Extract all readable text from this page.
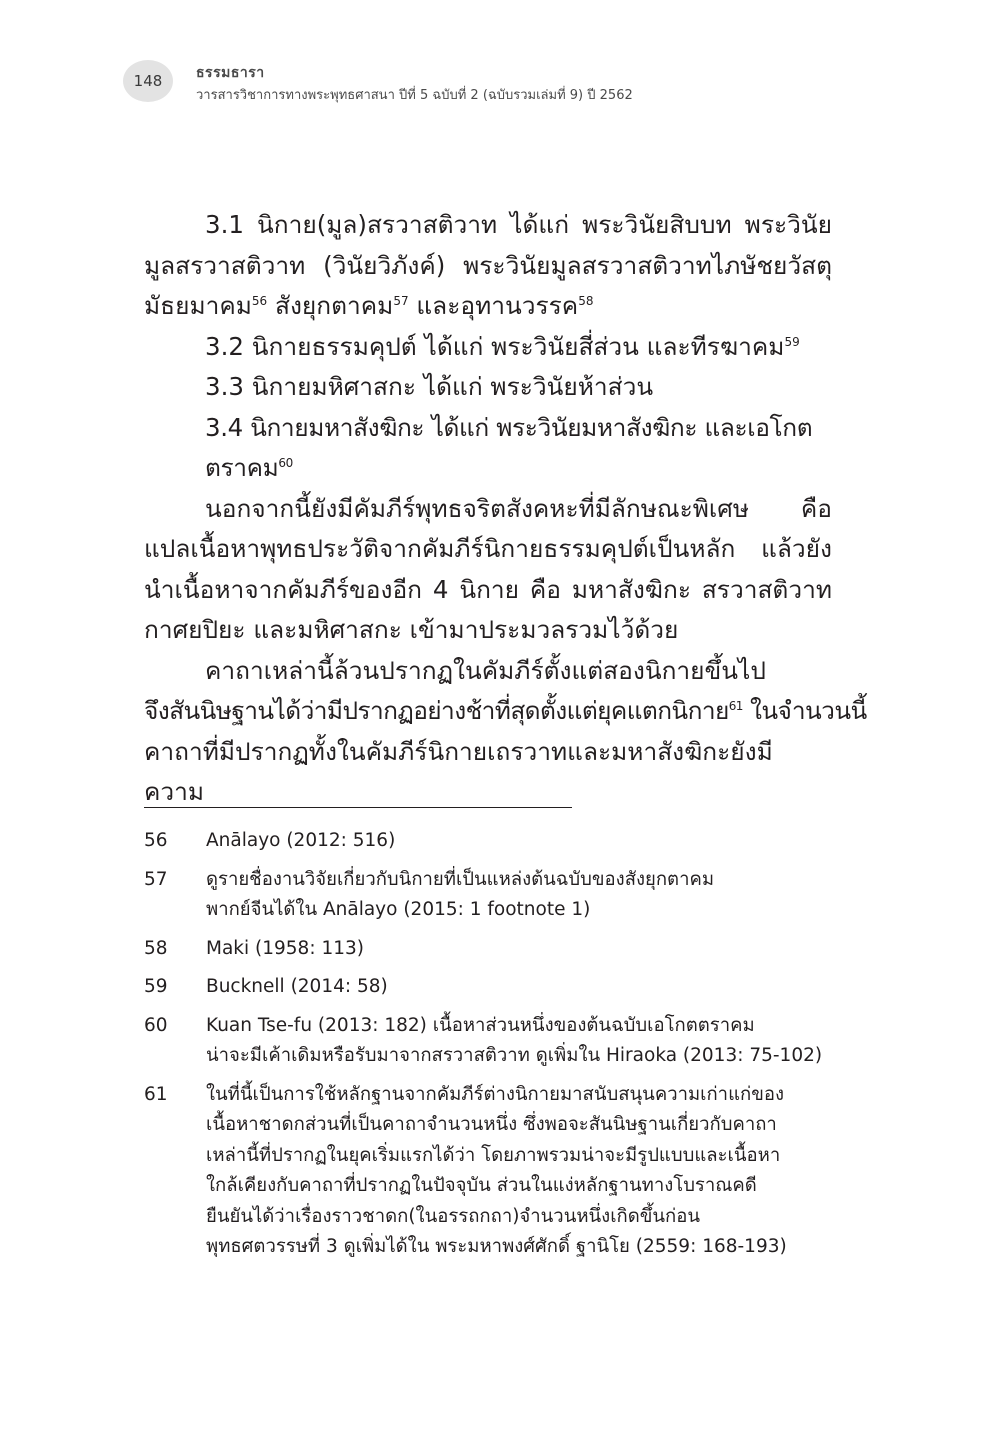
148 ธรรมธารา
วารสารวิชาการทางพระพุทธศาสนา ปีที่ 5 ฉบับที่ 2 (ฉบับรวมเล่มที่ 9) ปี 2562

3.1 นิกาย(มูล)สรวาสติวาท ได้แก่ พระวินัยสิบบท พระวินัย

มูลสรวาสติวาท (วินัยวิภังค์) พระวินัยมูลสรวาสติวาทไภษัชยวัสตุ

มัธยมาคม$^{56}$ สังยุกตาคม$^{57}$ และอุทานวรรค$^{58}$

3.2 นิกายธรรมคุปต์ ได้แก่ พระวินัยสี่ส่วน และทีรฆาคม$^{59}$

3.3 นิกายมหิศาสกะ ได้แก่ พระวินัยห้าส่วน

3.4 นิกายมหาสังฆิกะ ได้แก่ พระวินัยมหาสังฆิกะ และเอโกตตราคม$^{60}$

นอกจากนี้ยังมีคัมภีร์พุทธจริตสังคหะที่มีลักษณะพิเศษ คือ

แปลเนื้อหาพุทธประวัติจากคัมภีร์นิกายธรรมคุปต์เป็นหลัก แล้วยัง

นำเนื้อหาจากคัมภีร์ของอีก 4 นิกาย คือ มหาสังฆิกะ สรวาสติวาท

กาศยปิยะ และมหิศาสกะ เข้ามาประมวลรวมไว้ด้วย

คาถาเหล่านี้ล้วนปรากฏในคัมภีร์ตั้งแต่สองนิกายขึ้นไป

จึงสันนิษฐานได้ว่ามีปรากฏอย่างช้าที่สุดตั้งแต่ยุคแตกนิกาย$^{61}$ ในจำนวนนี้

คาถาที่มีปรากฏทั้งในคัมภีร์นิกายเถรวาทและมหาสังฆิกะยังมีความ

56	Anālayo (2012: 516)
57	ดูรายชื่องานวิจัยเกี่ยวกับนิกายที่เป็นแหล่งต้นฉบับของสังยุกตาคม
พากย์จีนได้ใน Anālayo (2015: 1 footnote 1)
58	Maki (1958: 113)
59	Bucknell (2014: 58)
60	Kuan Tse-fu (2013: 182) เนื้อหาส่วนหนึ่งของต้นฉบับเอโกตตราคม
น่าจะมีเค้าเดิมหรือรับมาจากสรวาสติวาท ดูเพิ่มใน Hiraoka (2013: 75-102)
61	ในที่นี้เป็นการใช้หลักฐานจากคัมภีร์ต่างนิกายมาสนับสนุนความเก่าแก่ของ
เนื้อหาชาดกส่วนที่เป็นคาถาจำนวนหนึ่ง ซึ่งพอจะสันนิษฐานเกี่ยวกับคาถา
เหล่านี้ที่ปรากฏในยุคเริ่มแรกได้ว่า โดยภาพรวมน่าจะมีรูปแบบและเนื้อหา
ใกล้เคียงกับคาถาที่ปรากฏในปัจจุบัน ส่วนในแง่หลักฐานทางโบราณคดี
ยืนยันได้ว่าเรื่องราวชาดก(ในอรรถกถา)จำนวนหนึ่งเกิดขึ้นก่อน
พุทธศตวรรษที่ 3 ดูเพิ่มได้ใน พระมหาพงศ์ศักดิ์ ฐานิโย (2559: 168-193)
